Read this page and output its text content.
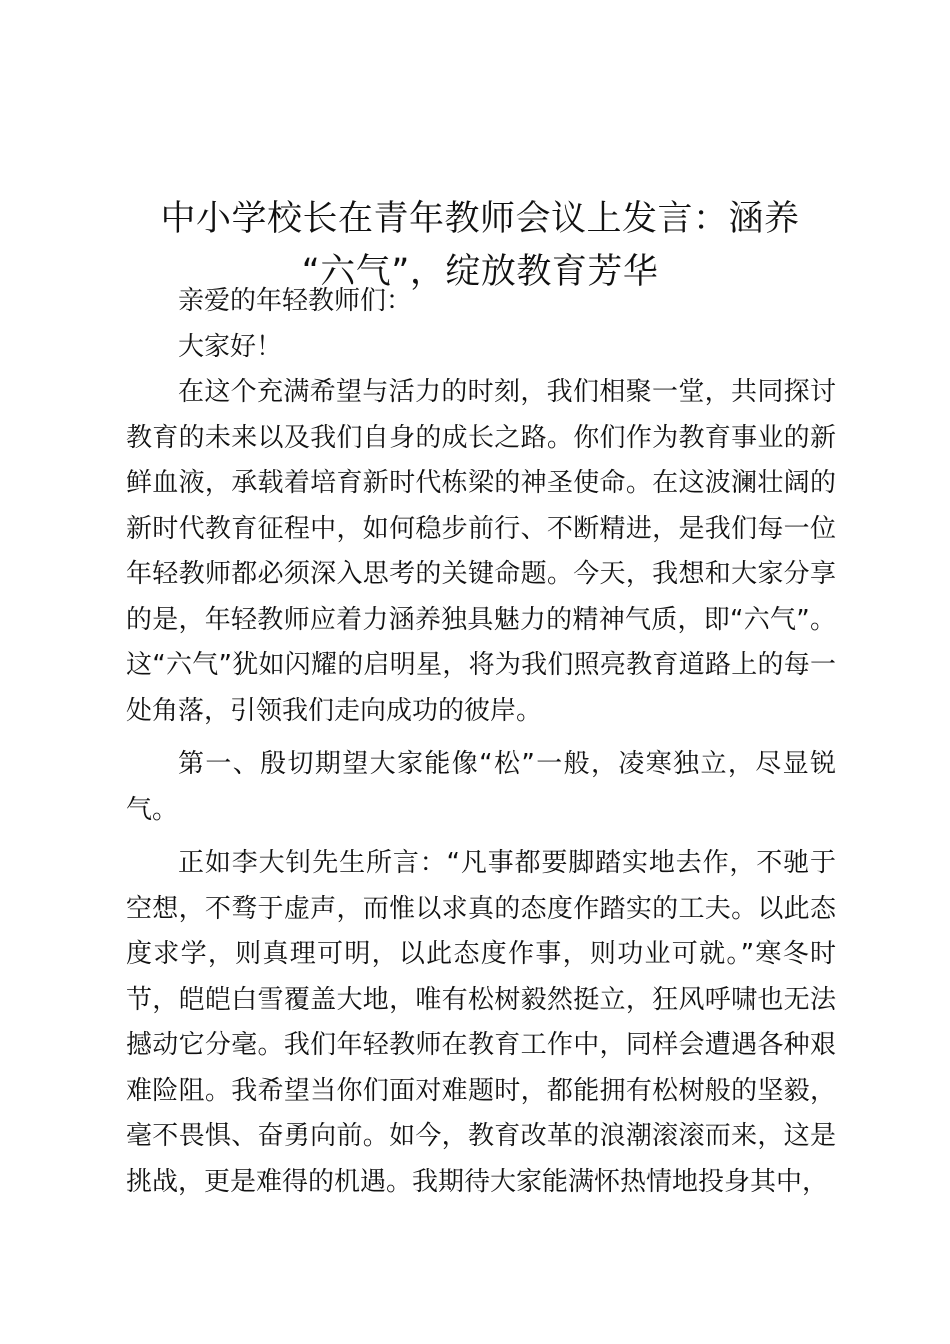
中小学校长在青年教师会议上发言：涵养
“六气”，绽放教育芳华

亲爱的年轻教师们：

大家好！

在这个充满希望与活力的时刻，我们相聚一堂，共同探讨教育的未来以及我们自身的成长之路。你们作为教育事业的新鲜血液，承载着培育新时代栋梁的神圣使命。在这波澜壮阔的新时代教育征程中，如何稳步前行、不断精进，是我们每一位年轻教师都必须深入思考的关键命题。今天，我想和大家分享的是，年轻教师应着力涵养独具魅力的精神气质，即“六气”。这“六气”犹如闪耀的启明星，将为我们照亮教育道路上的每一处角落，引领我们走向成功的彼岸。

第一、殷切期望大家能像“松”一般，凌寒独立，尽显锐气。

正如李大钊先生所言：“凡事都要脚踏实地去作，不驰于空想，不骛于虚声，而惟以求真的态度作踏实的工夫。以此态度求学，则真理可明，以此态度作事，则功业可就。”寒冬时节，皑皑白雪覆盖大地，唯有松树毅然挺立，狂风呼啸也无法撼动它分毫。我们年轻教师在教育工作中，同样会遭遇各种艰难险阻。我希望当你们面对难题时，都能拥有松树般的坚毅，毫不畏惧、奋勇向前。如今，教育改革的浪潮滚滚而来，这是挑战，更是难得的机遇。我期待大家能满怀热情地投身其中，
